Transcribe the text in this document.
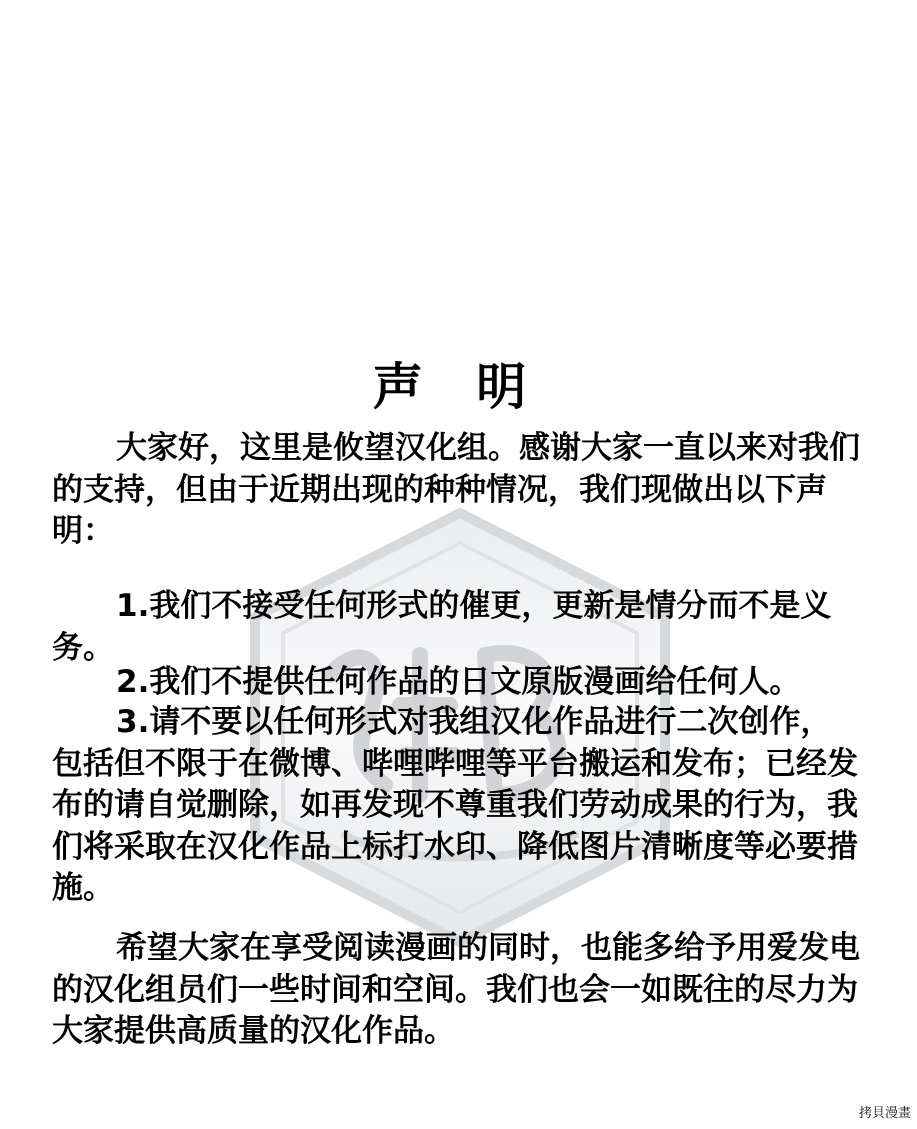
声 明

大家好，这里是攸望汉化组。感谢大家一直以来对我们的支持，但由于近期出现的种种情况，我们现做出以下声明：

1.我们不接受任何形式的催更，更新是情分而不是义务。

2.我们不提供任何作品的日文原版漫画给任何人。

3.请不要以任何形式对我组汉化作品进行二次创作，包括但不限于在微博、哔哩哔哩等平台搬运和发布；已经发布的请自觉删除，如再发现不尊重我们劳动成果的行为，我们将采取在汉化作品上标打水印、降低图片清晰度等必要措施。

希望大家在享受阅读漫画的同时，也能多给予用爱发电的汉化组员们一些时间和空间。我们也会一如既往的尽力为大家提供高质量的汉化作品。

拷貝漫畫
